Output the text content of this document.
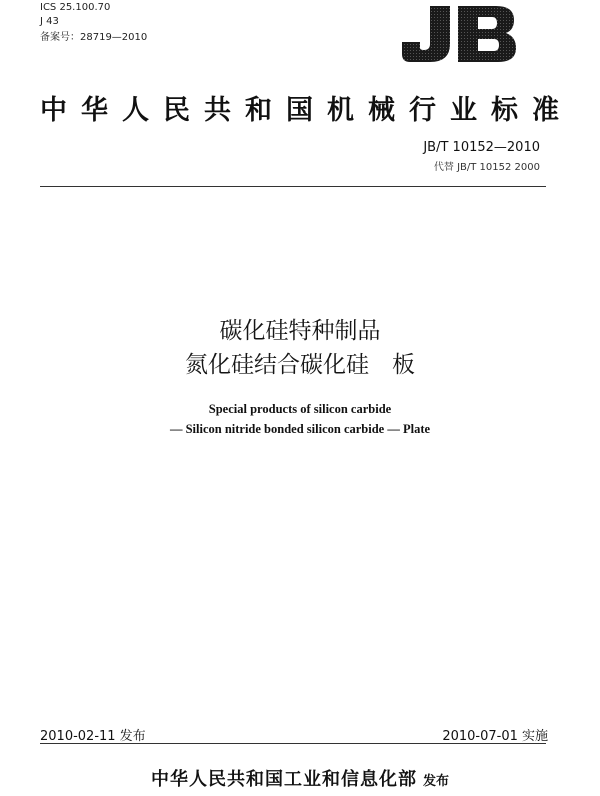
ICS 25.100.70
J 43
备案号：28719—2010
中华人民共和国机械行业标准
JB/T 10152—2010
代替 JB/T 10152 2000
碳化硅特种制品
氮化硅结合碳化硅　板
Special products of silicon carbide
— Silicon nitride bonded silicon carbide — Plate
2010-02-11 发布	2010-07-01 实施
中华人民共和国工业和信息化部 发布
